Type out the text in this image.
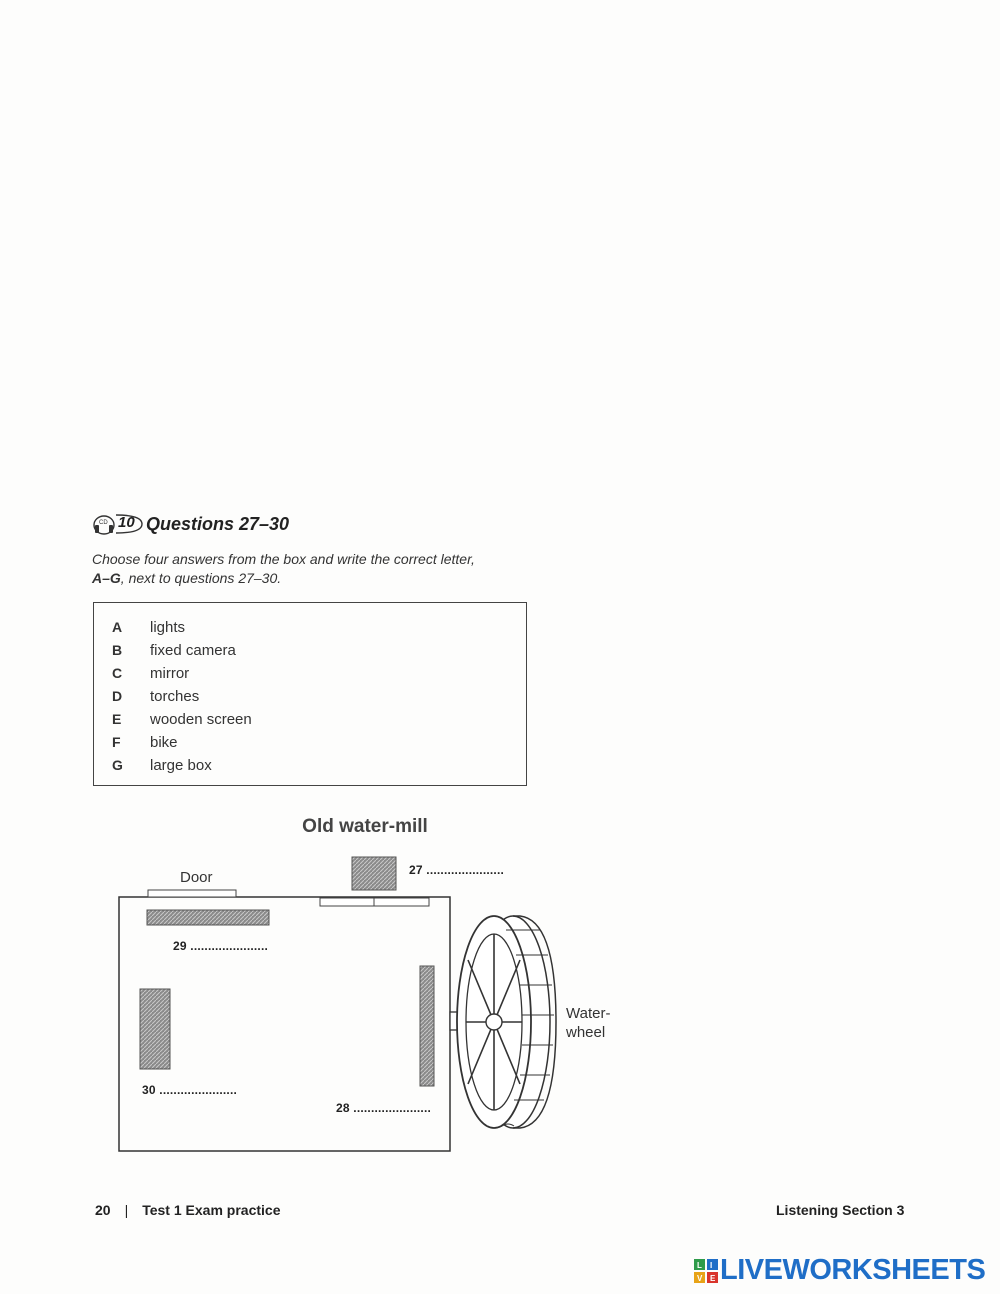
CD 10 Questions 27–30
Choose four answers from the box and write the correct letter,
A–G, next to questions 27–30.
A	lights
B	fixed camera
C	mirror
D	torches
E	wooden screen
F	bike
G	large box
Old water-mill
Door	27 ......................
29 ......................
30 ......................
28 ......................
Water-
wheel
20 | Test 1 Exam practice	Listening Section 3
L I
V E LIVEWORKSHEETS
